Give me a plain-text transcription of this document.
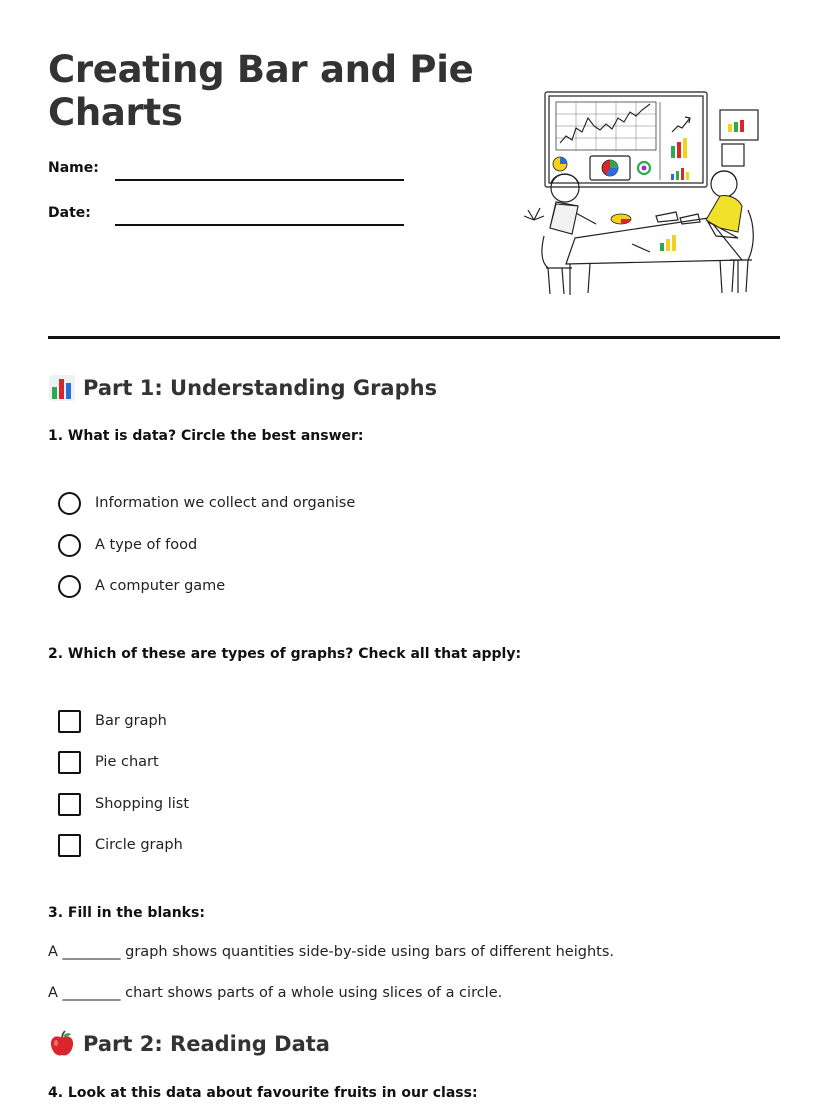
Creating Bar and Pie Charts
Name:
Date:
Part 1: Understanding Graphs
1. What is data? Circle the best answer:
Information we collect and organise
A type of food
A computer game
2. Which of these are types of graphs? Check all that apply:
Bar graph
Pie chart
Shopping list
Circle graph
3. Fill in the blanks:
A ________ graph shows quantities side-by-side using bars of different heights.
A ________ chart shows parts of a whole using slices of a circle.
Part 2: Reading Data
4. Look at this data about favourite fruits in our class:
